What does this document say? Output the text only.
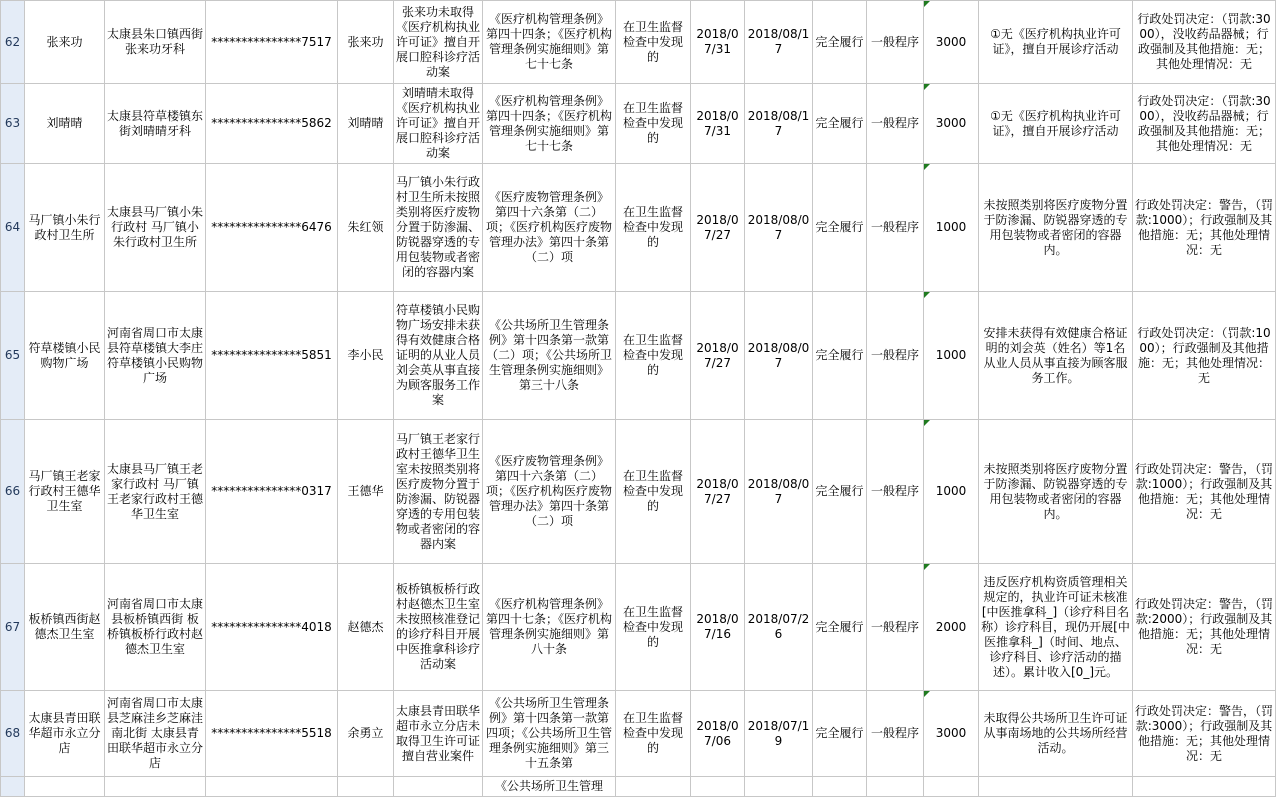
62	张来功	太康县朱口镇西街张来功牙科	***************7517	张来功	张来功未取得《医疗机构执业许可证》擅自开展口腔科诊疗活动案	《医疗机构管理条例》第四十四条；《医疗机构管理条例实施细则》第七十七条	在卫生监督检查中发现的	2018/07/31	2018/08/17	完全履行	一般程序	3000	①无《医疗机构执业许可证》，擅自开展诊疗活动	行政处罚决定：（罚款:3000），没收药品器械；行政强制及其他措施：无；其他处理情况：无
63	刘晴晴	太康县符草楼镇东街刘晴晴牙科	***************5862	刘晴晴	刘晴晴未取得《医疗机构执业许可证》擅自开展口腔科诊疗活动案	《医疗机构管理条例》第四十四条；《医疗机构管理条例实施细则》第七十七条	在卫生监督检查中发现的	2018/07/31	2018/08/17	完全履行	一般程序	3000	①无《医疗机构执业许可证》，擅自开展诊疗活动	行政处罚决定：（罚款:3000），没收药品器械；行政强制及其他措施：无；其他处理情况：无
64	马厂镇小朱行政村卫生所	太康县马厂镇小朱行政村 马厂镇小朱行政村卫生所	***************6476	朱红领	马厂镇小朱行政村卫生所未按照类别将医疗废物分置于防渗漏、防锐器穿透的专用包装物或者密闭的容器内案	《医疗废物管理条例》第四十六条第（二）项；《医疗机构医疗废物管理办法》第四十条第（二）项	在卫生监督检查中发现的	2018/07/27	2018/08/07	完全履行	一般程序	1000	未按照类别将医疗废物分置于防渗漏、防锐器穿透的专用包装物或者密闭的容器内。	行政处罚决定：警告，（罚款:1000）；行政强制及其他措施：无；其他处理情况：无
65	符草楼镇小民购物广场	河南省周口市太康县符草楼镇大李庄 符草楼镇小民购物广场	***************5851	李小民	符草楼镇小民购物广场安排未获得有效健康合格证明的从业人员刘会英从事直接为顾客服务工作案	《公共场所卫生管理条例》第十四条第一款第（二）项；《公共场所卫生管理条例实施细则》第三十八条	在卫生监督检查中发现的	2018/07/27	2018/08/07	完全履行	一般程序	1000	安排未获得有效健康合格证明的刘会英（姓名）等1名从业人员从事直接为顾客服务工作。	行政处罚决定：（罚款:1000）；行政强制及其他措施：无；其他处理情况：无
66	马厂镇王老家行政村王德华卫生室	太康县马厂镇王老家行政村 马厂镇王老家行政村王德华卫生室	***************0317	王德华	马厂镇王老家行政村王德华卫生室未按照类别将医疗废物分置于防渗漏、防锐器穿透的专用包装物或者密闭的容器内案	《医疗废物管理条例》第四十六条第（二）项；《医疗机构医疗废物管理办法》第四十条第（二）项	在卫生监督检查中发现的	2018/07/27	2018/08/07	完全履行	一般程序	1000	未按照类别将医疗废物分置于防渗漏、防锐器穿透的专用包装物或者密闭的容器内。	行政处罚决定：警告，（罚款:1000）；行政强制及其他措施：无；其他处理情况：无
67	板桥镇西街赵德杰卫生室	河南省周口市太康县板桥镇西街 板桥镇板桥行政村赵德杰卫生室	***************4018	赵德杰	板桥镇板桥行政村赵德杰卫生室未按照核准登记的诊疗科目开展中医推拿科诊疗活动案	《医疗机构管理条例》第四十七条；《医疗机构管理条例实施细则》第八十条	在卫生监督检查中发现的	2018/07/16	2018/07/26	完全履行	一般程序	2000	违反医疗机构资质管理相关规定的，执业许可证未核准[中医推拿科_]（诊疗科目名称）诊疗科目，现仍开展[中医推拿科_]（时间、地点、诊疗科目、诊疗活动的描述）。累计收入[0_]元。	行政处罚决定：警告，（罚款:2000）；行政强制及其他措施：无；其他处理情况：无
68	太康县青田联华超市永立分店	河南省周口市太康县芝麻洼乡芝麻洼南北街 太康县青田联华超市永立分店	***************5518	余勇立	太康县青田联华超市永立分店未取得卫生许可证擅自营业案件	《公共场所卫生管理条例》第十四条第一款第四项；《公共场所卫生管理条例实施细则》第三十五条第	在卫生监督检查中发现的	2018/07/06	2018/07/19	完全履行	一般程序	3000	未取得公共场所卫生许可证从事南场地的公共场所经营活动。	行政处罚决定：警告，（罚款:3000）；行政强制及其他措施：无；其他处理情况：无
						《公共场所卫生管理								
